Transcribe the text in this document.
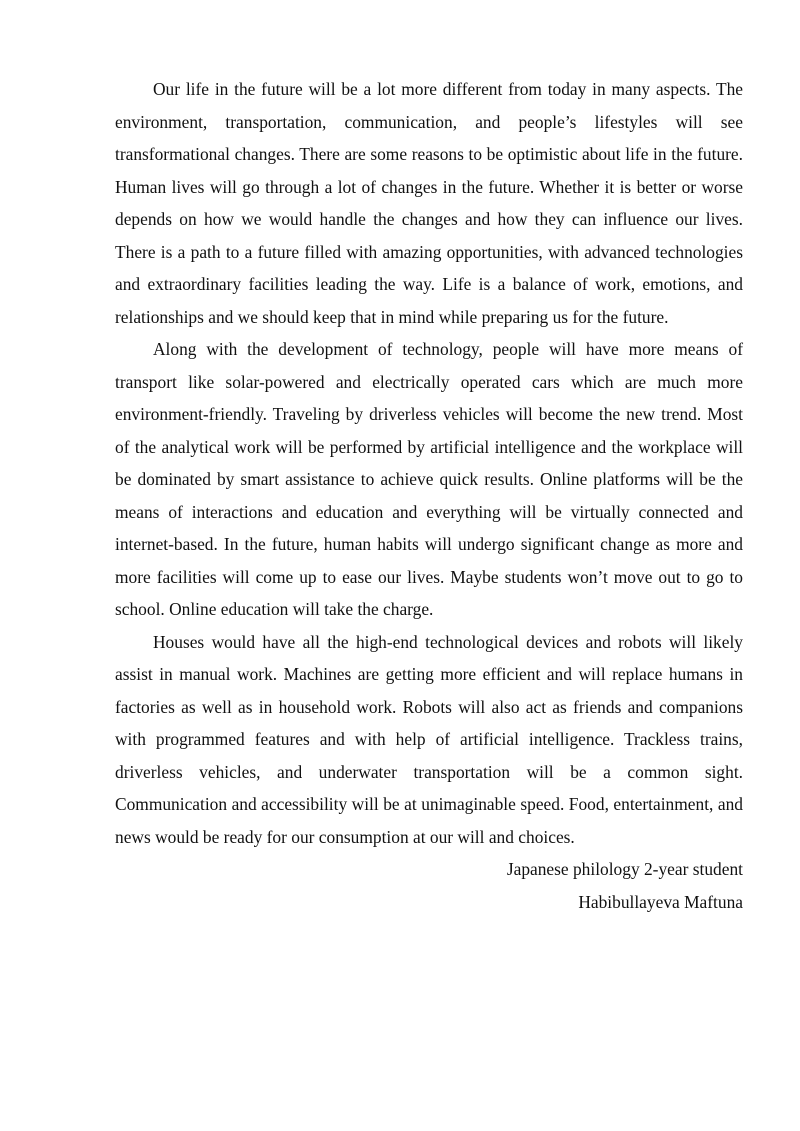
Our life in the future will be a lot more different from today in many aspects. The environment, transportation, communication, and people’s lifestyles will see transformational changes. There are some reasons to be optimistic about life in the future. Human lives will go through a lot of changes in the future. Whether it is better or worse depends on how we would handle the changes and how they can influence our lives. There is a path to a future filled with amazing opportunities, with advanced technologies and extraordinary facilities leading the way. Life is a balance of work, emotions, and relationships and we should keep that in mind while preparing us for the future.

Along with the development of technology, people will have more means of transport like solar-powered and electrically operated cars which are much more environment-friendly. Traveling by driverless vehicles will become the new trend. Most of the analytical work will be performed by artificial intelligence and the workplace will be dominated by smart assistance to achieve quick results. Online platforms will be the means of interactions and education and everything will be virtually connected and internet-based. In the future, human habits will undergo significant change as more and more facilities will come up to ease our lives. Maybe students won’t move out to go to school. Online education will take the charge.

Houses would have all the high-end technological devices and robots will likely assist in manual work. Machines are getting more efficient and will replace humans in factories as well as in household work. Robots will also act as friends and companions with programmed features and with help of artificial intelligence. Trackless trains, driverless vehicles, and underwater transportation will be a common sight. Communication and accessibility will be at unimaginable speed. Food, entertainment, and news would be ready for our consumption at our will and choices.

Japanese philology 2-year student

Habibullayeva Maftuna
